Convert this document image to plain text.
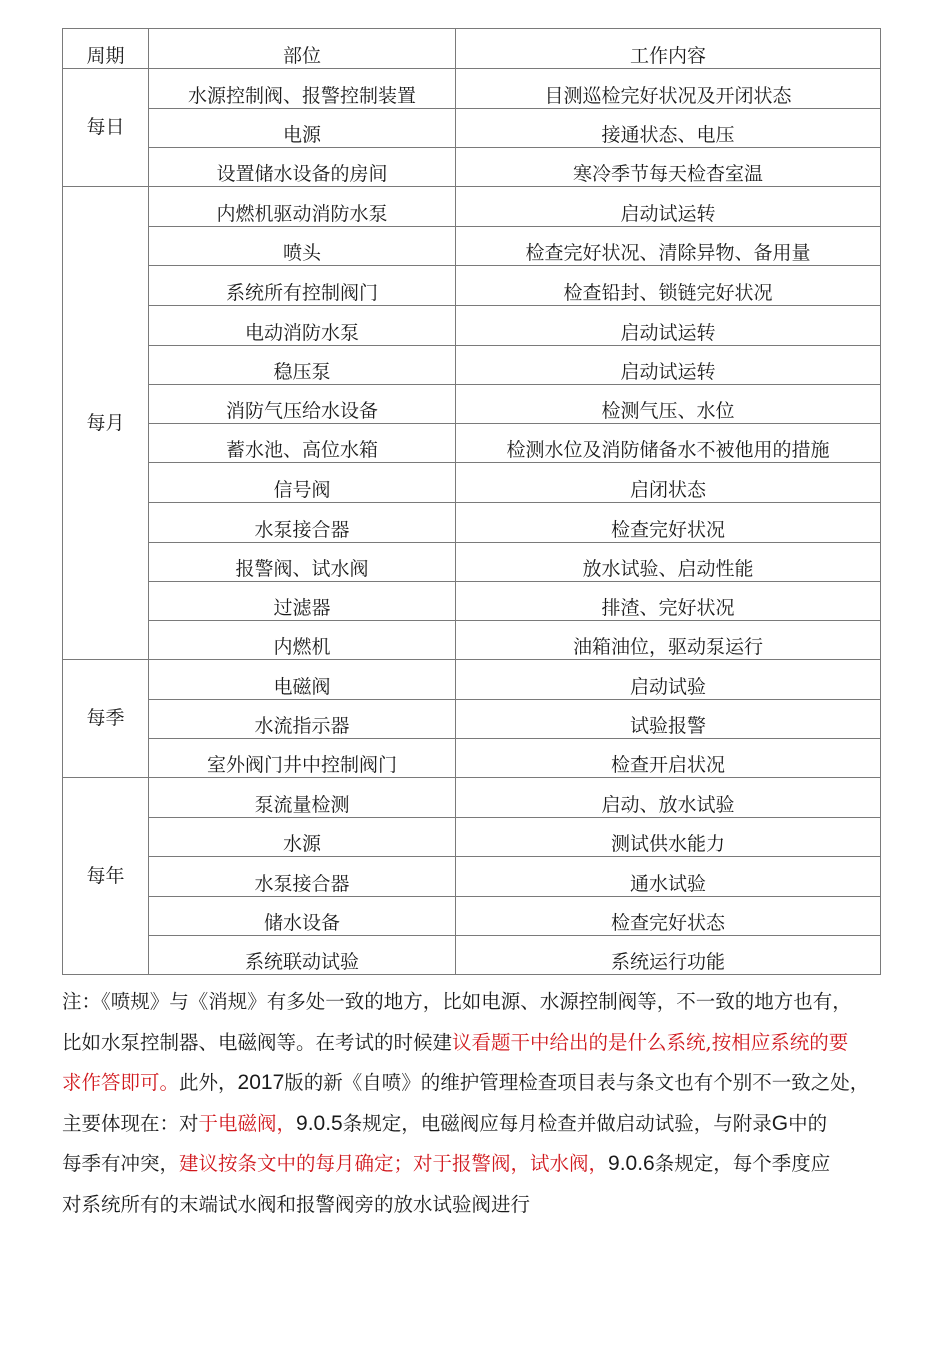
周期	部位	工作内容
每日	水源控制阀、报警控制装置	目测巡检完好状况及开闭状态
	电源	接通状态、电压
	设置储水设备的房间	寒冷季节每天检杳室温
每月	内燃机驱动消防水泵	启动试运转
	喷头	检查完好状况、清除异物、备用量
	系统所有控制阀门	检查铅封、锁链完好状况
	电动消防水泵	启动试运转
	稳压泵	启动试运转
	消防气压给水设备	检测气压、水位
	蓄水池、高位水箱	检测水位及消防储备水不被他用的措施
	信号阀	启闭状态
	水泵接合器	检查完好状况
	报警阀、试水阀	放水试验、启动性能
	过滤器	排渣、完好状况
	内燃机	油箱油位，驱动泵运行
每季	电磁阀	启动试验
	水流指示器	试验报警
	室外阀门井中控制阀门	检查开启状况
每年	泵流量检测	启动、放水试验
	水源	测试供水能力
	水泵接合器	通水试验
	储水设备	检查完好状态
	系统联动试验	系统运行功能
注：《喷规》与《消规》有多处一致的地方，比如电源、水源控制阀等，不一致的地方也有，
比如水泵控制器、电磁阀等。在考试的时候建议看题干中给出的是什么系统,按相应系统的要
求作答即可。此外，2017版的新《自喷》的维护管理检查项目表与条文也有个别不一致之处，
主要体现在：对于电磁阀，9.0.5条规定，电磁阀应每月检查并做启动试验，与附录G中的
每季有冲突，建议按条文中的每月确定；对于报警阀，试水阀，9.0.6条规定，每个季度应
对系统所有的末端试水阀和报警阀旁的放水试验阀进行
